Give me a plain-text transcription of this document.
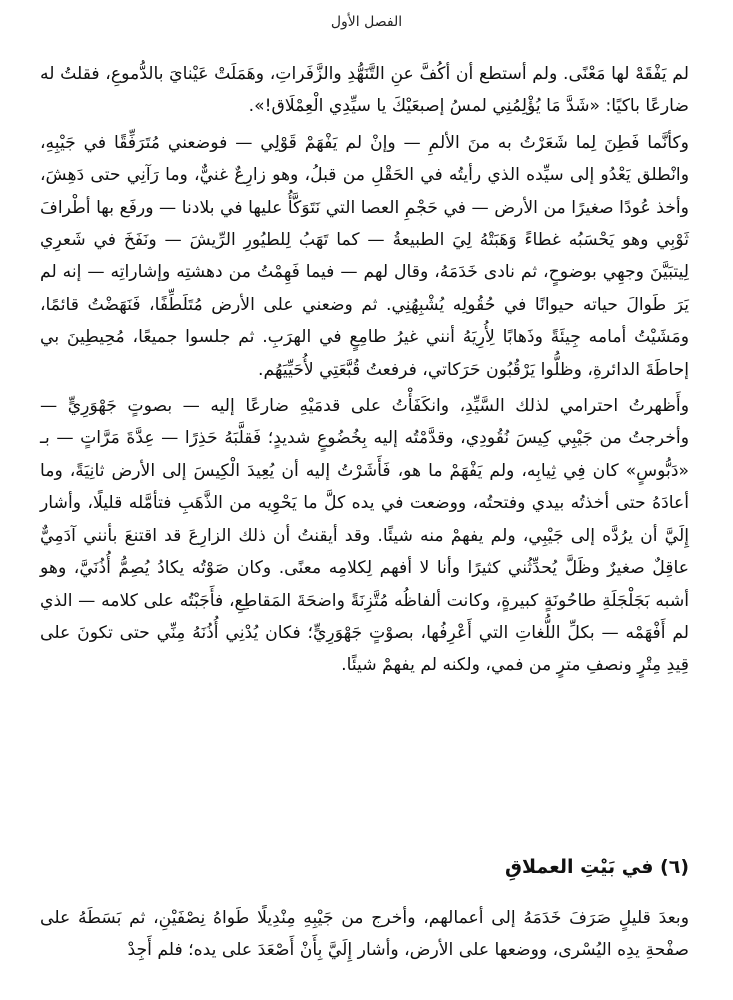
الفصل الأول

لم يَفْقَهْ لها مَعْنًى. ولم أستطع أن أكُفَّ عنِ التَّنَهُّدِ والزَّفَراتِ، وهَمَلَتْ عَيْنايَ بالدُّموعِ، فقلتُ له ضارعًا باكيًا: «شَدَّ مَا يُؤْلِمُنِي لمسُ إصبعَيْكَ يا سيِّدِي الْعِمْلَاق!».

وكأنَّما فَطِنَ لِما شَعَرْتُ به منَ الألمِ — وإنْ لم يَفْهَمْ قَوْلِي — فوضعني مُتَرَفِّقًا في جَيْبِهِ، وانْطلق يَعْدُو إلى سيِّده الذي رأيتُه في الحَقْلِ من قبلُ، وهو زارِعٌ غنيٌّ، وما رَآنِي حتى دَهِشَ، وأخذ عُودًا صغيرًا من الأرض — في حَجْمِ العصا التي نَتَوَكَّأُ عليها في بلادنا — ورفَع بها أطْرافَ ثَوْبِي وهو يَحْسَبُه غطاءً وَهَبَتْهُ لِيَ الطبيعةُ — كما تَهَبُ لِلطيُورِ الرِّيشَ — ونَفَخَ في شَعرِي لِيتبَيَّنَ وجهِي بوضوحٍ، ثم نادى خَدَمَهُ، وقال لهم — فيما فَهِمْتُ من دهشتِه وإشاراتِه — إنه لم يَرَ طَوالَ حياته حيوانًا في حُقُولِه يُشْبِهُنِي. ثم وضعني على الأرض مُتَلَطِّفًا، فَنَهَضْتُ قائمًا، ومَشَيْتُ أمامه جِيئَةً وذَهابًا لِأُرِيَهُ أنني غيرُ طامِعٍ في الهرَبِ. ثم جلسوا جميعًا، مُحِيطِينَ بي إحاطَةَ الدائرةِ، وظلُّوا يَرْقُبُون حَرَكاتي، فرفعتُ قُبَّعَتِي لأُحَيِّيَهُم.

وأَظهرتُ احترامي لذلك السَّيِّدِ، وانكَفَأْتُ على قدمَيْهِ ضارعًا إليه — بصوتٍ جَهْوَرِيٍّ — وأخرجتُ من جَيْبِي كِيسَ نُقُودِي، وقدَّمْتُه إليه بِخُضُوعٍ شديدٍ؛ فَقلَّبَهُ حَذِرًا — عِدَّةَ مَرَّاتٍ — بـ «دَبُّوسٍ» كان فِي ثِيابِه، ولم يَفْهَمْ ما هو، فَأَشَرْتُ إليه أن يُعِيدَ الْكِيسَ إلى الأرض ثانِيَةً، وما أعادَهُ حتى أخذتُه بيدي وفتحتُه، ووضعت في يده كلَّ ما يَحْوِيه من الذَّهَبِ فتأمَّله قليلًا، وأشار إِلَيَّ أن يرُدَّه إلى جَيْبِي، ولم يفهمْ منه شيئًا. وقد أيقنتُ أن ذلك الزارِعَ قد اقتنعَ بأنني آدَمِيٌّ عاقِلٌ صغيرٌ وظَلَّ يُحدِّثُني كثيرًا وأنا لا أفهم لِكلامِه معنًى. وكان صَوْتُه يكادُ يُصِمُّ أُذُنَيَّ، وهو أشبه بَجَلْجَلَةِ طاحُونَةٍ كبيرةٍ، وكانت ألفاظُه مُتَّزِنَةً واضحَةَ المَقاطِعِ، فأَجَبْتُه على كلامه — الذي لم أَفْهَمْه — بكلِّ اللُّغاتِ التي أَعْرِفُها، بصوْتٍ جَهْوَرِيٍّ؛ فكان يُدْنِي أُذُنَهُ مِنِّي حتى تكونَ على قِيدِ مِتْرٍ ونصفِ مترٍ من فمي، ولكنه لم يفهمْ شيئًا.

(٦) في بَيْتِ العملاقِ

وبعدَ قليلٍ صَرَفَ خَدَمَهُ إلى أعمالهم، وأخرج من جَيْبِهِ مِنْدِيلًا طَواهُ نِصْفَيْنِ، ثم بَسَطَهُ على صفْحةِ يدِه اليُسْرى، ووضعها على الأرض، وأشار إِلَيَّ بِأَنْ أَصْعَدَ على يده؛ فلم أَجِدْ
